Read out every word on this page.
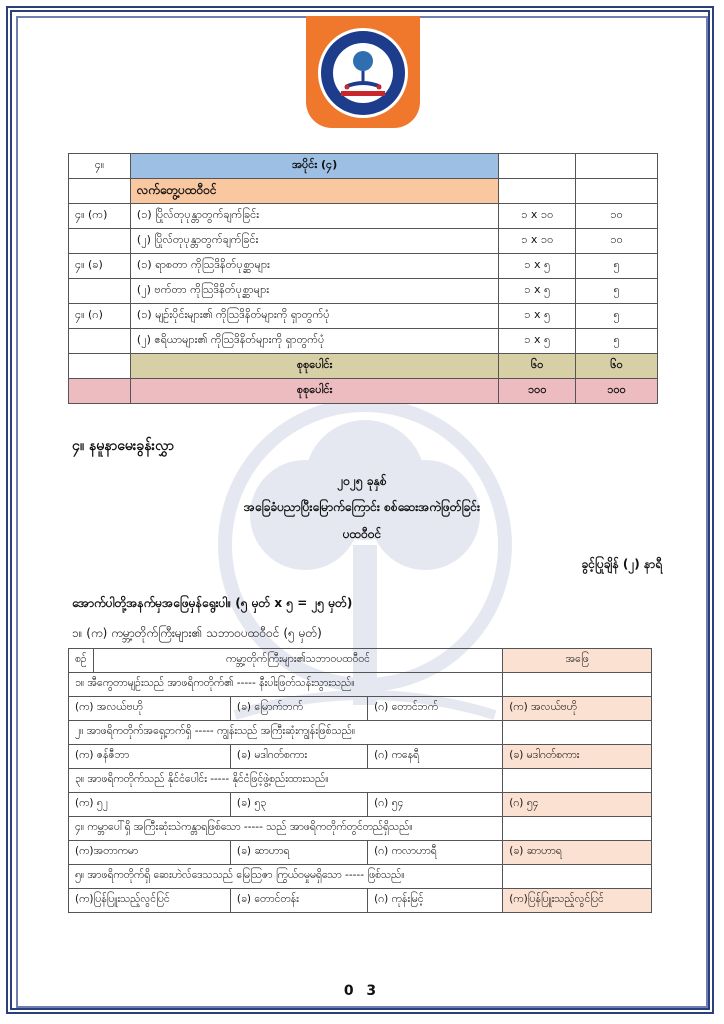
၄။	အပိုင်း (၄)		
	လက်တွေ့ပထဝီဝင်		
၄။ (က)	(၁) ပြိုလ်တုပုန္တာတွက်ချက်ခြင်း	၁ x ၁၀	၁၀
	(၂) ပြိုလ်တုပုန္တာတွက်ချက်ခြင်း	၁ x ၁၀	၁၀
၄။ (ခ)	(၁) ရာစတာ ကိုဩဒိနိတ်ပုစ္ဆာများ	၁ x ၅	၅
	(၂) ဗက်တာ ကိုဩဒိနိတ်ပုစ္ဆာများ	၁ x ၅	၅
၄။ (ဂ)	(၁) မျဉ်းပိုင်းများ၏ ကိုဩဒိနိတ်များကို ရှာတွက်ပုံ	၁ x ၅	၅
	(၂) ဧရိယာများ၏ ကိုဩဒိနိတ်များကို ရှာတွက်ပုံ	၁ x ၅	၅
	စုစုပေါင်း	၆၀	၆၀
	စုစုပေါင်း	၁၀၀	၁၀၀
၄။ နမူနာမေးခွန်းလွှာ
၂၀၂၅ ခုနှစ်
အခြေခံပညာပြီးမြောက်ကြောင်း စစ်ဆေးအကဲဖြတ်ခြင်း
ပထဝီဝင်
ခွင့်ပြုချိန် (၂) နာရီ
အောက်ပါတို့အနက်မှအဖြေမှန်ရွေးပါ။ (၅ မှတ် x ၅ = ၂၅ မှတ်)
၁။ (က) ကမ္ဘာ့တိုက်ကြီးများ၏ သဘာဝပထဝီဝင် (၅ မှတ်)
စဉ်	ကမ္ဘာ့တိုက်ကြီးများ၏သဘာဝပထဝီဝင်			အဖြေ
၁။ အီကွေတာမျဉ်းသည် အာဖရိကတိုက်၏ ----- နီးပါးဖြတ်သန်းသွားသည်။				
(က) အလယ်ဗဟို		(ခ) မြောက်ဘက်	(ဂ) တောင်ဘက်	(က) အလယ်ဗဟို
၂။ အာဖရိကတိုက်အရှေ့ဘက်ရှိ ----- ကျွန်းသည် အကြီးဆုံးကျွန်းဖြစ်သည်။				
(က) ဇန်ဇီဘာ		(ခ) မဒါဂတ်စကား	(ဂ) ကနေရီ	(ခ) မဒါဂတ်စကား
၃။ အာဖရိကတိုက်သည် နိုင်ငံပေါင်း ----- နိုင်ငံဖြင့်ဖွဲ့စည်းထားသည်။				
(က) ၅၂		(ခ) ၅၃	(ဂ) ၅၄	(ဂ) ၅၄
၄။ ကမ္ဘာပေါ်ရှိ အကြီးဆုံးသဲကန္တာရဖြစ်သော ----- သည် အာဖရိကတိုက်တွင်တည်ရှိသည်။				
(က)အတာကမာ		(ခ) ဆာဟာရ	(ဂ) ကလာဟာရီ	(ခ) ဆာဟာရ
၅။ အာဖရိကတိုက်ရှိ ဆေးဟဲလ်ဒေသသည် မြေသြဇာ ကြွယ်ဝမှုမရှိသော ----- ဖြစ်သည်။				
(က)ပြန်ပြူးသည့်လွင်ပြင်		(ခ) တောင်တန်း	(ဂ) ကုန်းမြင့်	(က)ပြန်ပြူးသည့်လွင်ပြင်
0 3
